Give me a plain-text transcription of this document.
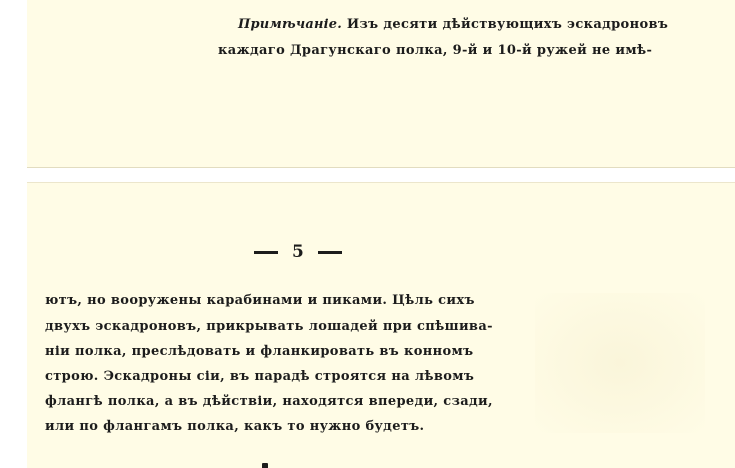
Примѣчаніе. Изъ десяти дѣйствующихъ эскадроновъ
каждаго Драгунскаго полка, 9-й и 10-й ружей не имѣ-
5
ютъ, но вооружены карабинами и пиками. Цѣль сихъ
двухъ эскадроновъ, прикрывать лошадей при спѣшива-
ніи полка, преслѣдовать и фланкировать въ конномъ
строю. Эскадроны сіи, въ парадѣ строятся на лѣвомъ
флангѣ полка, а въ дѣйствіи, находятся впереди, сзади,
или по флангамъ полка, какъ то нужно будетъ.
